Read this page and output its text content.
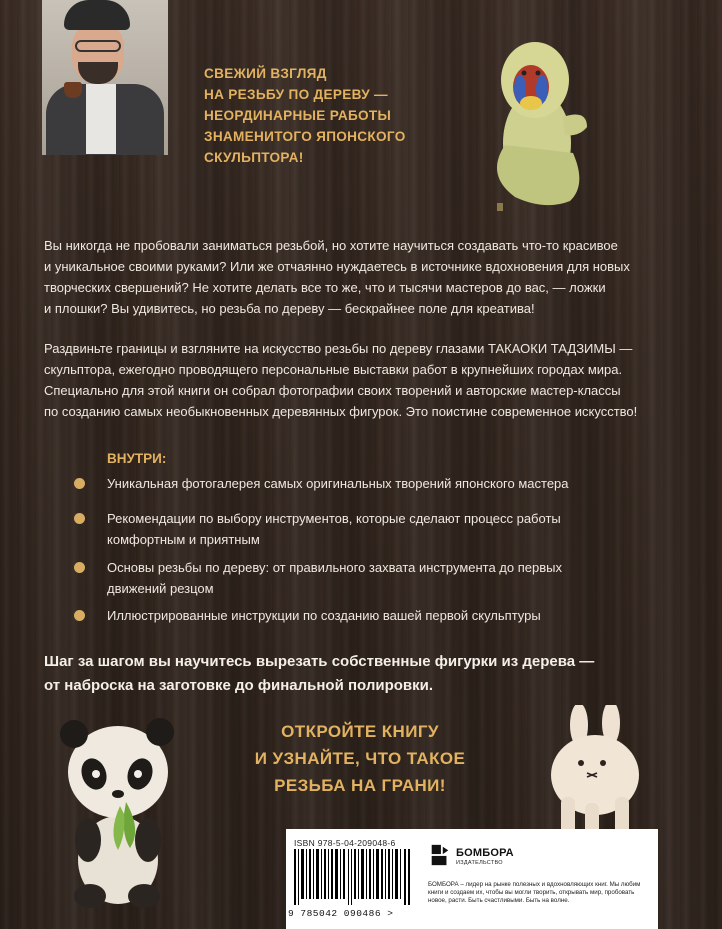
СВЕЖИЙ ВЗГЛЯД
НА РЕЗЬБУ ПО ДЕРЕВУ —
НЕОРДИНАРНЫЕ РАБОТЫ
ЗНАМЕНИТОГО ЯПОНСКОГО
СКУЛЬПТОРА!
Вы никогда не пробовали заниматься резьбой, но хотите научиться создавать что-то красивое
и уникальное своими руками? Или же отчаянно нуждаетесь в источнике вдохновения для новых
творческих свершений? Не хотите делать все то же, что и тысячи мастеров до вас, — ложки
и плошки? Вы удивитесь, но резьба по дереву — бескрайнее поле для креатива!
Раздвиньте границы и взгляните на искусство резьбы по дереву глазами ТАКАОКИ ТАДЗИМЫ —
скульптора, ежегодно проводящего персональные выставки работ в крупнейших городах мира.
Специально для этой книги он собрал фотографии своих творений и авторские мастер-классы
по созданию самых необыкновенных деревянных фигурок. Это поистине современное искусство!
ВНУТРИ:
Уникальная фотогалерея самых оригинальных творений японского мастера
Рекомендации по выбору инструментов, которые сделают процесс работы
комфортным и приятным
Основы резьбы по дереву: от правильного захвата инструмента до первых
движений резцом
Иллюстрированные инструкции по созданию вашей первой скульптуры
Шаг за шагом вы научитесь вырезать собственные фигурки из дерева —
от наброска на заготовке до финальной полировки.
ОТКРОЙТЕ КНИГУ
И УЗНАЙТЕ, ЧТО ТАКОЕ
РЕЗЬБА НА ГРАНИ!
ISBN 978-5-04-209048-6
9 785042 090486 >
БОМБОРА
ИЗДАТЕЛЬСТВО
БОМБОРА – лидер на рынке полезных и вдохновляющих книг. Мы любим книги и создаем их, чтобы вы могли творить, открывать мир, пробовать новое, расти. Быть счастливыми. Быть на волне.
